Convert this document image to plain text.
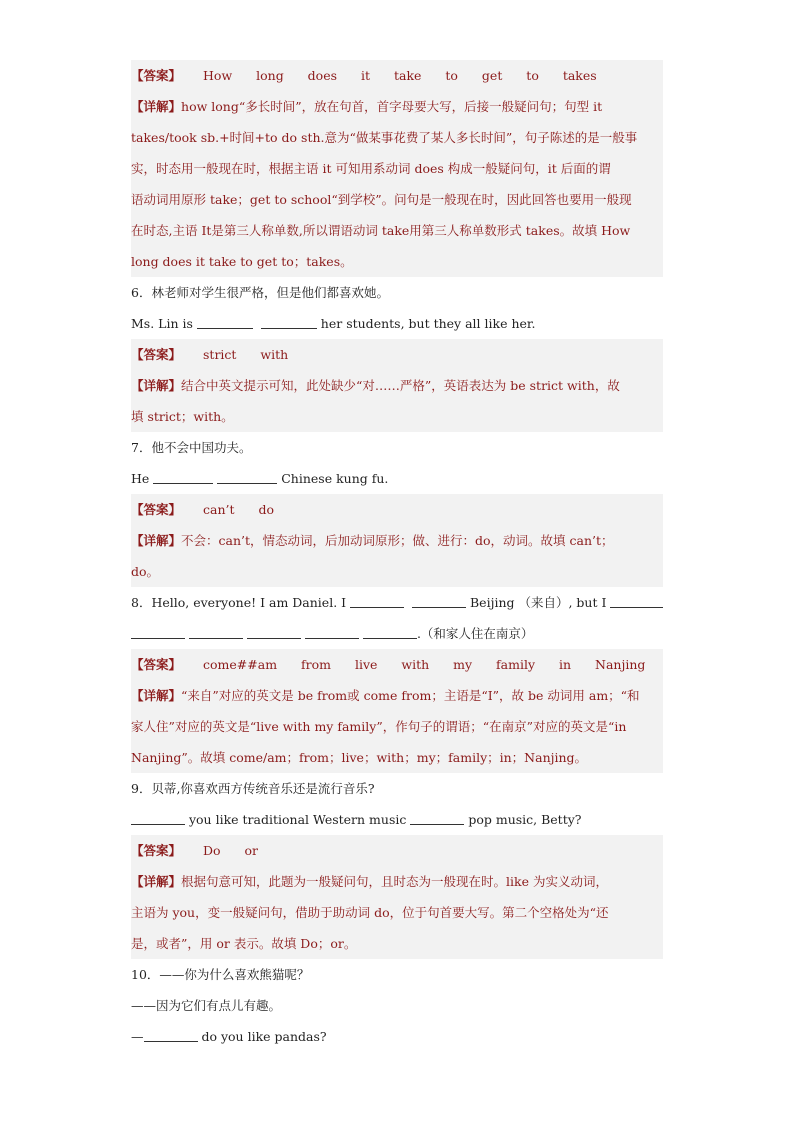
【答案】 How long does it take to get to takes
【详解】how long“多长时间”，放在句首，首字母要大写，后接一般疑问句；句型 it
takes/took sb.+时间+to do sth.意为“做某事花费了某人多长时间”，句子陈述的是一般事
实，时态用一般现在时，根据主语 it 可知用系动词 does 构成一般疑问句，it 后面的谓
语动词用原形 take；get to school“到学校”。问句是一般现在时，因此回答也要用一般现
在时态,主语 It是第三人称单数,所以谓语动词 take用第三人称单数形式 takes。故填 How
long does it take to get to；takes。
6．林老师对学生很严格，但是他们都喜欢她。
Ms. Lin is	her students, but they all like her.
【答案】 strict with
【详解】结合中英文提示可知，此处缺少“对……严格”，英语表达为 be strict with，故
填 strict；with。
7．他不会中国功夫。
He	Chinese kung fu.
【答案】 can’t do
【详解】不会：can’t，情态动词，后加动词原形；做、进行：do，动词。故填 can’t；
do。
8．Hello, everyone! I am Daniel. I	Beijing （来自）, but I
.（和家人住在南京）
【答案】 come##am from live with my family in Nanjing
【详解】“来自”对应的英文是 be from或 come from；主语是“I”，故 be 动词用 am；“和
家人住”对应的英文是“live with my family”，作句子的谓语；“在南京”对应的英文是“in
Nanjing”。故填 come/am；from；live；with；my；family；in；Nanjing。
9．贝蒂,你喜欢西方传统音乐还是流行音乐?
you like traditional Western music	pop music, Betty?
【答案】 Do or
【详解】根据句意可知，此题为一般疑问句，且时态为一般现在时。like 为实义动词，
主语为 you，变一般疑问句，借助于助动词 do，位于句首要大写。第二个空格处为“还
是，或者”，用 or 表示。故填 Do；or。
10．——你为什么喜欢熊猫呢？
——因为它们有点儿有趣。
—	do you like pandas?
